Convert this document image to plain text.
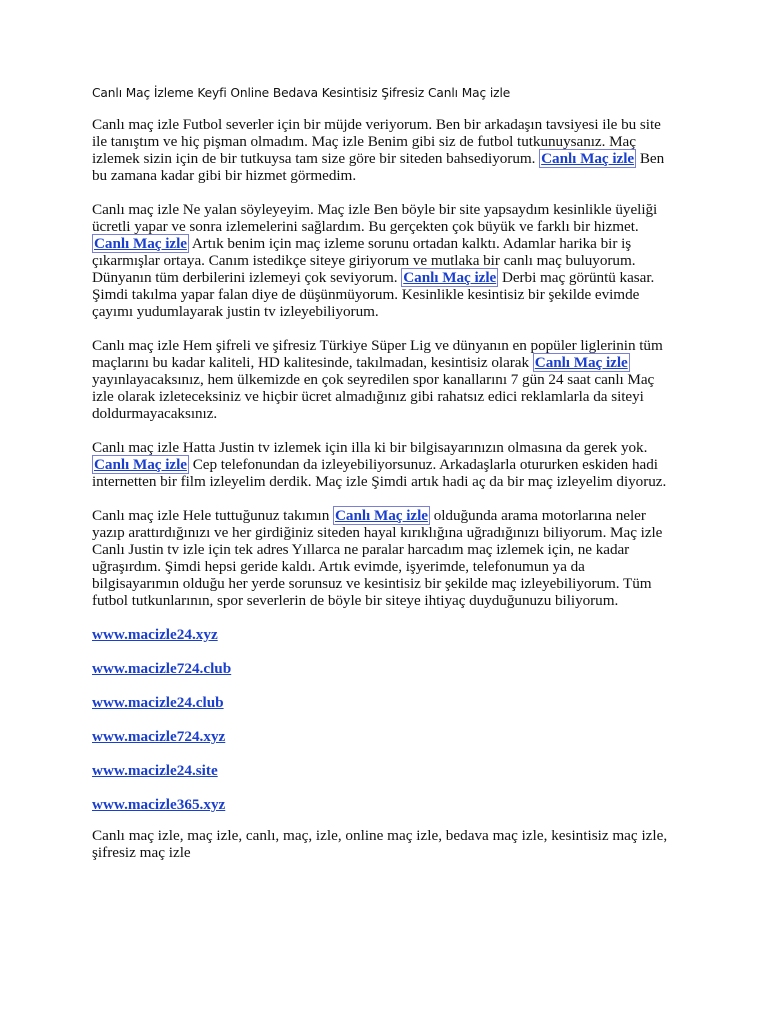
Canlı Maç İzleme Keyfi Online Bedava Kesintisiz Şifresiz Canlı Maç izle

Canlı maç izle Futbol severler için bir müjde veriyorum. Ben bir arkadaşın tavsiyesi ile bu site ile tanıştım ve hiç pişman olmadım. Maç izle Benim gibi siz de futbol tutkunuysanız. Maç izlemek sizin için de bir tutkuysa tam size göre bir siteden bahsediyorum. Canlı Maç izle Ben bu zamana kadar gibi bir hizmet görmedim.

Canlı maç izle Ne yalan söyleyeyim. Maç izle Ben böyle bir site yapsaydım kesinlikle üyeliği ücretli yapar ve sonra izlemelerini sağlardım. Bu gerçekten çok büyük ve farklı bir hizmet. Canlı Maç izle Artık benim için maç izleme sorunu ortadan kalktı. Adamlar harika bir iş çıkarmışlar ortaya. Canım istedikçe siteye giriyorum ve mutlaka bir canlı maç buluyorum. Dünyanın tüm derbilerini izlemeyi çok seviyorum. Canlı Maç izle Derbi maç görüntü kasar. Şimdi takılma yapar falan diye de düşünmüyorum. Kesinlikle kesintisiz bir şekilde evimde çayımı yudumlayarak justin tv izleyebiliyorum.

Canlı maç izle Hem şifreli ve şifresiz Türkiye Süper Lig ve dünyanın en popüler liglerinin tüm maçlarını bu kadar kaliteli, HD kalitesinde, takılmadan, kesintisiz olarak Canlı Maç izle yayınlayacaksınız, hem ülkemizde en çok seyredilen spor kanallarını 7 gün 24 saat canlı Maç izle olarak izleteceksiniz ve hiçbir ücret almadığınız gibi rahatsız edici reklamlarla da siteyi doldurmayacaksınız.

Canlı maç izle Hatta Justin tv izlemek için illa ki bir bilgisayarınızın olmasına da gerek yok. Canlı Maç izle Cep telefonundan da izleyebiliyorsunuz. Arkadaşlarla otururken eskiden hadi internetten bir film izleyelim derdik. Maç izle Şimdi artık hadi aç da bir maç izleyelim diyoruz.

Canlı maç izle Hele tuttuğunuz takımın Canlı Maç izle olduğunda arama motorlarına neler yazıp arattırdığınızı ve her girdiğiniz siteden hayal kırıklığına uğradığınızı biliyorum. Maç izle Canlı Justin tv izle için tek adres Yıllarca ne paralar harcadım maç izlemek için, ne kadar uğraşırdım. Şimdi hepsi geride kaldı. Artık evimde, işyerimde, telefonumun ya da bilgisayarımın olduğu her yerde sorunsuz ve kesintisiz bir şekilde maç izleyebiliyorum. Tüm futbol tutkunlarının, spor severlerin de böyle bir siteye ihtiyaç duyduğunuzu biliyorum.

www.macizle24.xyz
www.macizle724.club
www.macizle24.club
www.macizle724.xyz
www.macizle24.site
www.macizle365.xyz

Canlı maç izle, maç izle, canlı, maç, izle, online maç izle, bedava maç izle, kesintisiz maç izle, şifresiz maç izle
